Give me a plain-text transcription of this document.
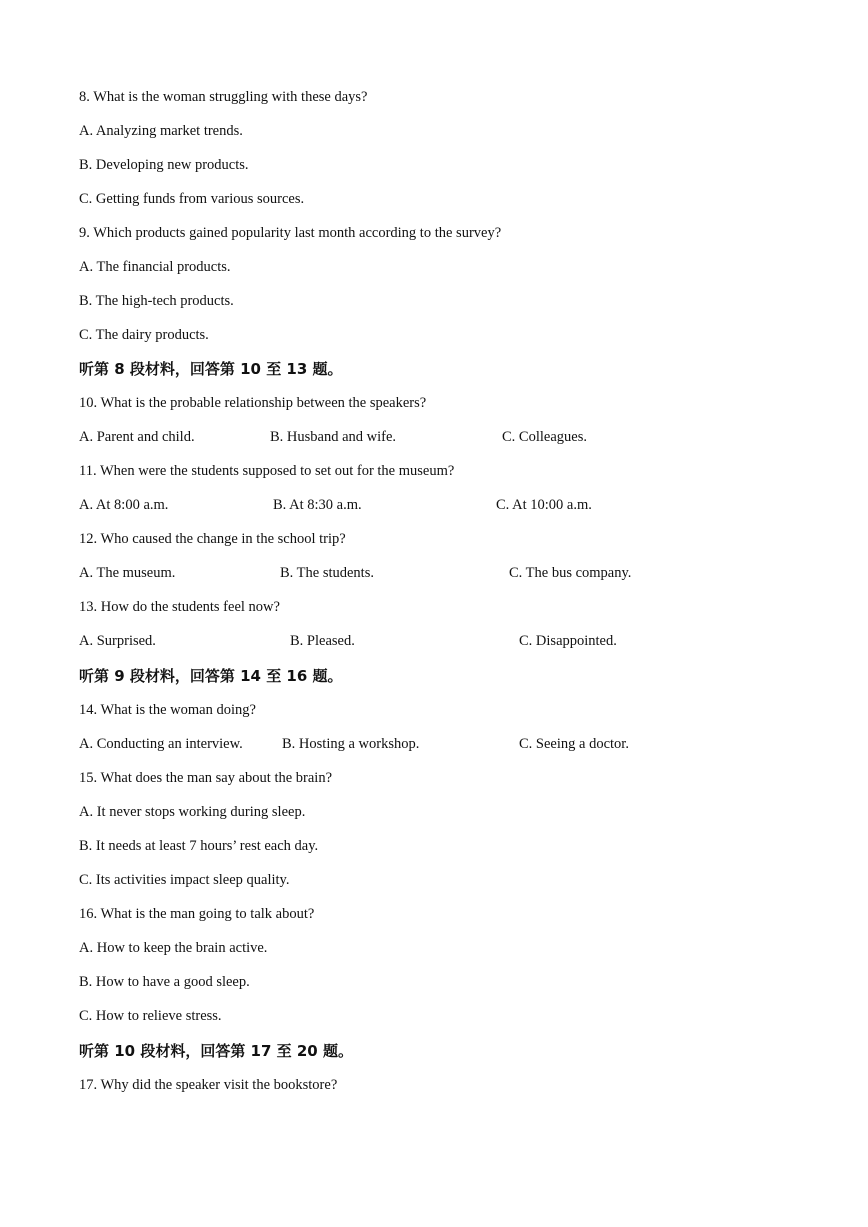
8. What is the woman struggling with these days?
A. Analyzing market trends.
B. Developing new products.
C. Getting funds from various sources.
9. Which products gained popularity last month according to the survey?
A. The financial products.
B. The high-tech products.
C. The dairy products.
听第 8 段材料，回答第 10 至 13 题。
10. What is the probable relationship between the speakers?
A. Parent and child.	B. Husband and wife.	C. Colleagues.
11. When were the students supposed to set out for the museum?
A. At 8:00 a.m.	B. At 8:30 a.m.	C. At 10:00 a.m.
12. Who caused the change in the school trip?
A. The museum.	B. The students.	C. The bus company.
13. How do the students feel now?
A. Surprised.	B. Pleased.	C. Disappointed.
听第 9 段材料，回答第 14 至 16 题。
14. What is the woman doing?
A. Conducting an interview.	B. Hosting a workshop.	C. Seeing a doctor.
15. What does the man say about the brain?
A. It never stops working during sleep.
B. It needs at least 7 hours’ rest each day.
C. Its activities impact sleep quality.
16. What is the man going to talk about?
A. How to keep the brain active.
B. How to have a good sleep.
C. How to relieve stress.
听第 10 段材料，回答第 17 至 20 题。
17. Why did the speaker visit the bookstore?
